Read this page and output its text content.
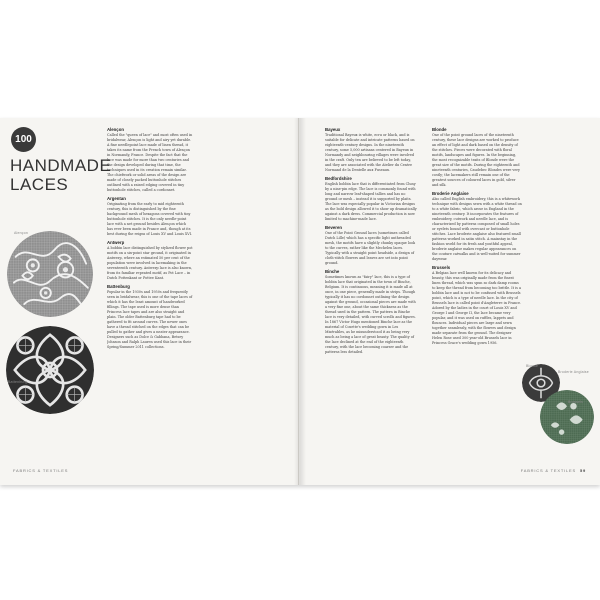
100
HANDMADE LACES
Alençon
Battenburg
Alençon

Called the "queen of lace" and most often used in bridalwear, Alençon is light and airy yet durable. A fine needlepoint lace made of linen thread, it takes its name from the French town of Alençon in Normandy, France. Despite the fact that the lace was made for more than two centuries and the design developed during that time, the techniques used in its creation remain similar. The chiefwork or solid areas of the design are made of closely packed buttonhole stitches outlined with a raised edging covered in tiny buttonhole stitches, called a cordonnet.

Argentan

Originating from the early to mid eighteenth century, this is distinguished by the fine background mesh of hexagons covered with tiny buttonhole stitches. It is the only needle-point lace with a net ground besides Alençon which has ever been made in France and, though at its best during the reigns of Louis XV and Louis XVI.

Antwerp

A bobbin lace distinguished by stylized flower pot motifs on a six-point star ground, it originated in Antwerp, where an estimated 50 per cent of the population were involved in lacemaking in the seventeenth century. Antwerp lace is also known, from its familiar repeated motif, as Pot Lace – in Dutch Pottenkant or Pottee Kant.

Battenburg

Popular in the 1930s and 1950s and frequently seen in bridalwear, this is one of the tape laces of which it has the least amount of handworked fillings. The tape used is more dense than Princess lace tapes and are also straight and plain. The older Battenburg tape had to be gathered to fit around curves. The newer ones have a thread stitched on the edges that can be pulled to gather and gives a neater appearance. Designers such as Dolce & Gabbana, Betsey Johnson and Ralph Lauren used this lace in their Spring/Summer 2011 collections.

FABRICS & TEXTILES
Bayeux

Traditional Bayeux is white, ecru or black, and is suitable for delicate and intricate patterns based on eighteenth-century designs. In the nineteenth century, some 5,000 artisans centered in Bayeux in Normandy and neighbouring villages were involved in the craft. Only ten are believed to be left today, and they are associated with the Atelier du Centre Normand de la Dentelle aux Fuseaux.

Bedfordshire

English bobbin lace that is differentiated from Cluny by a nine-pin edge. The lace is commonly found with long and narrow leaf-shaped tallies and has no ground or mesh – instead it is supported by plaits. The lace was especially popular in Victorian designs as the bold design allowed it to show up dramatically against a dark dress. Commercial production is now limited to machine-made lace.

Beveren

One of the Point Ground laces (sometimes called Dutch Lille) which has a specific light unthreaded mesh, the motifs have a slightly chunky opaque look to the curves, rather like the Mechelen laces. Typically with a straight point headside, a design of cloth-stitch flowers and leaves are set into point ground.

Binche

Sometimes known as "fairy" lace, this is a type of bobbin lace that originated in the town of Binche, Belgium. It is continuous, meaning it is made all at once, in one piece, generally made in strips. Though typically it has no cordonnet outlining the design against the ground, occasional pieces are made with a very fine one, about the same thickness as the thread used in the pattern. The pattern in Binche lace is very detailed, with curved scrolls and figures. In 1867 Victor Hugo mentioned Binche lace as the material of Cosette's wedding gown in Les Misérables, as he misunderstood it as being very much as being a lace of great beauty. The quality of the lace declined at the end of the eighteenth century, with the lace becoming coarser and the patterns less detailed.

Blonde

One of the point ground laces of the nineteenth century, these lace designs are worked to produce an effect of light and dark based on the density of the stitches. Pieces were decorated with floral motifs, landscapes and figures. In the beginning, the most recognizable traits of Blonde were the great size of the motifs. During the eighteenth and nineteenth centuries, Caudebec Blondes were very costly; the lacemakers still remain one of the greatest sources of coloured laces in gold, silver and silk.

Broderie Anglaise

Also called English embroidery, this is a whitework technique with designs sewn with a white thread on to a white fabric, which arose in England in the nineteenth century. It incorporates the features of embroidery, cutwork and needle lace, and is characterized by patterns composed of small holes or eyelets bound with overcast or buttonhole stitches. Lace broderie anglaise also featured small patterns worked in satin stitch. A mainstay in the fashion world for its fresh and youthful appeal, broderie anglaise makes regular appearances on the couture catwalks and is well-suited for summer daywear.

Brussels

A Belgian lace well known for its delicacy and beauty, this was originally made from the finest linen thread, which was spun so dark damp rooms to keep the thread from becoming too brittle. It is a bobbin lace and is not to be confused with Brussels point, which is a type of needle lace. In the city of Brussels lace is called point d'Angleterre in France. Adored by the ladies in the court of Louis XV and George I and George II, the lace became very popular, and it was used on ruffles, lappets and flounces. Individual pieces are large and sewn together seamlessly, with the flowers and design made separate from the ground. The designer Helen Rose used 300 year-old Brussels lace in Princess Grace's wedding gown 1956.

FABRICS & TEXTILES 59
Broderie Anglaise
Brussels
Blonde
